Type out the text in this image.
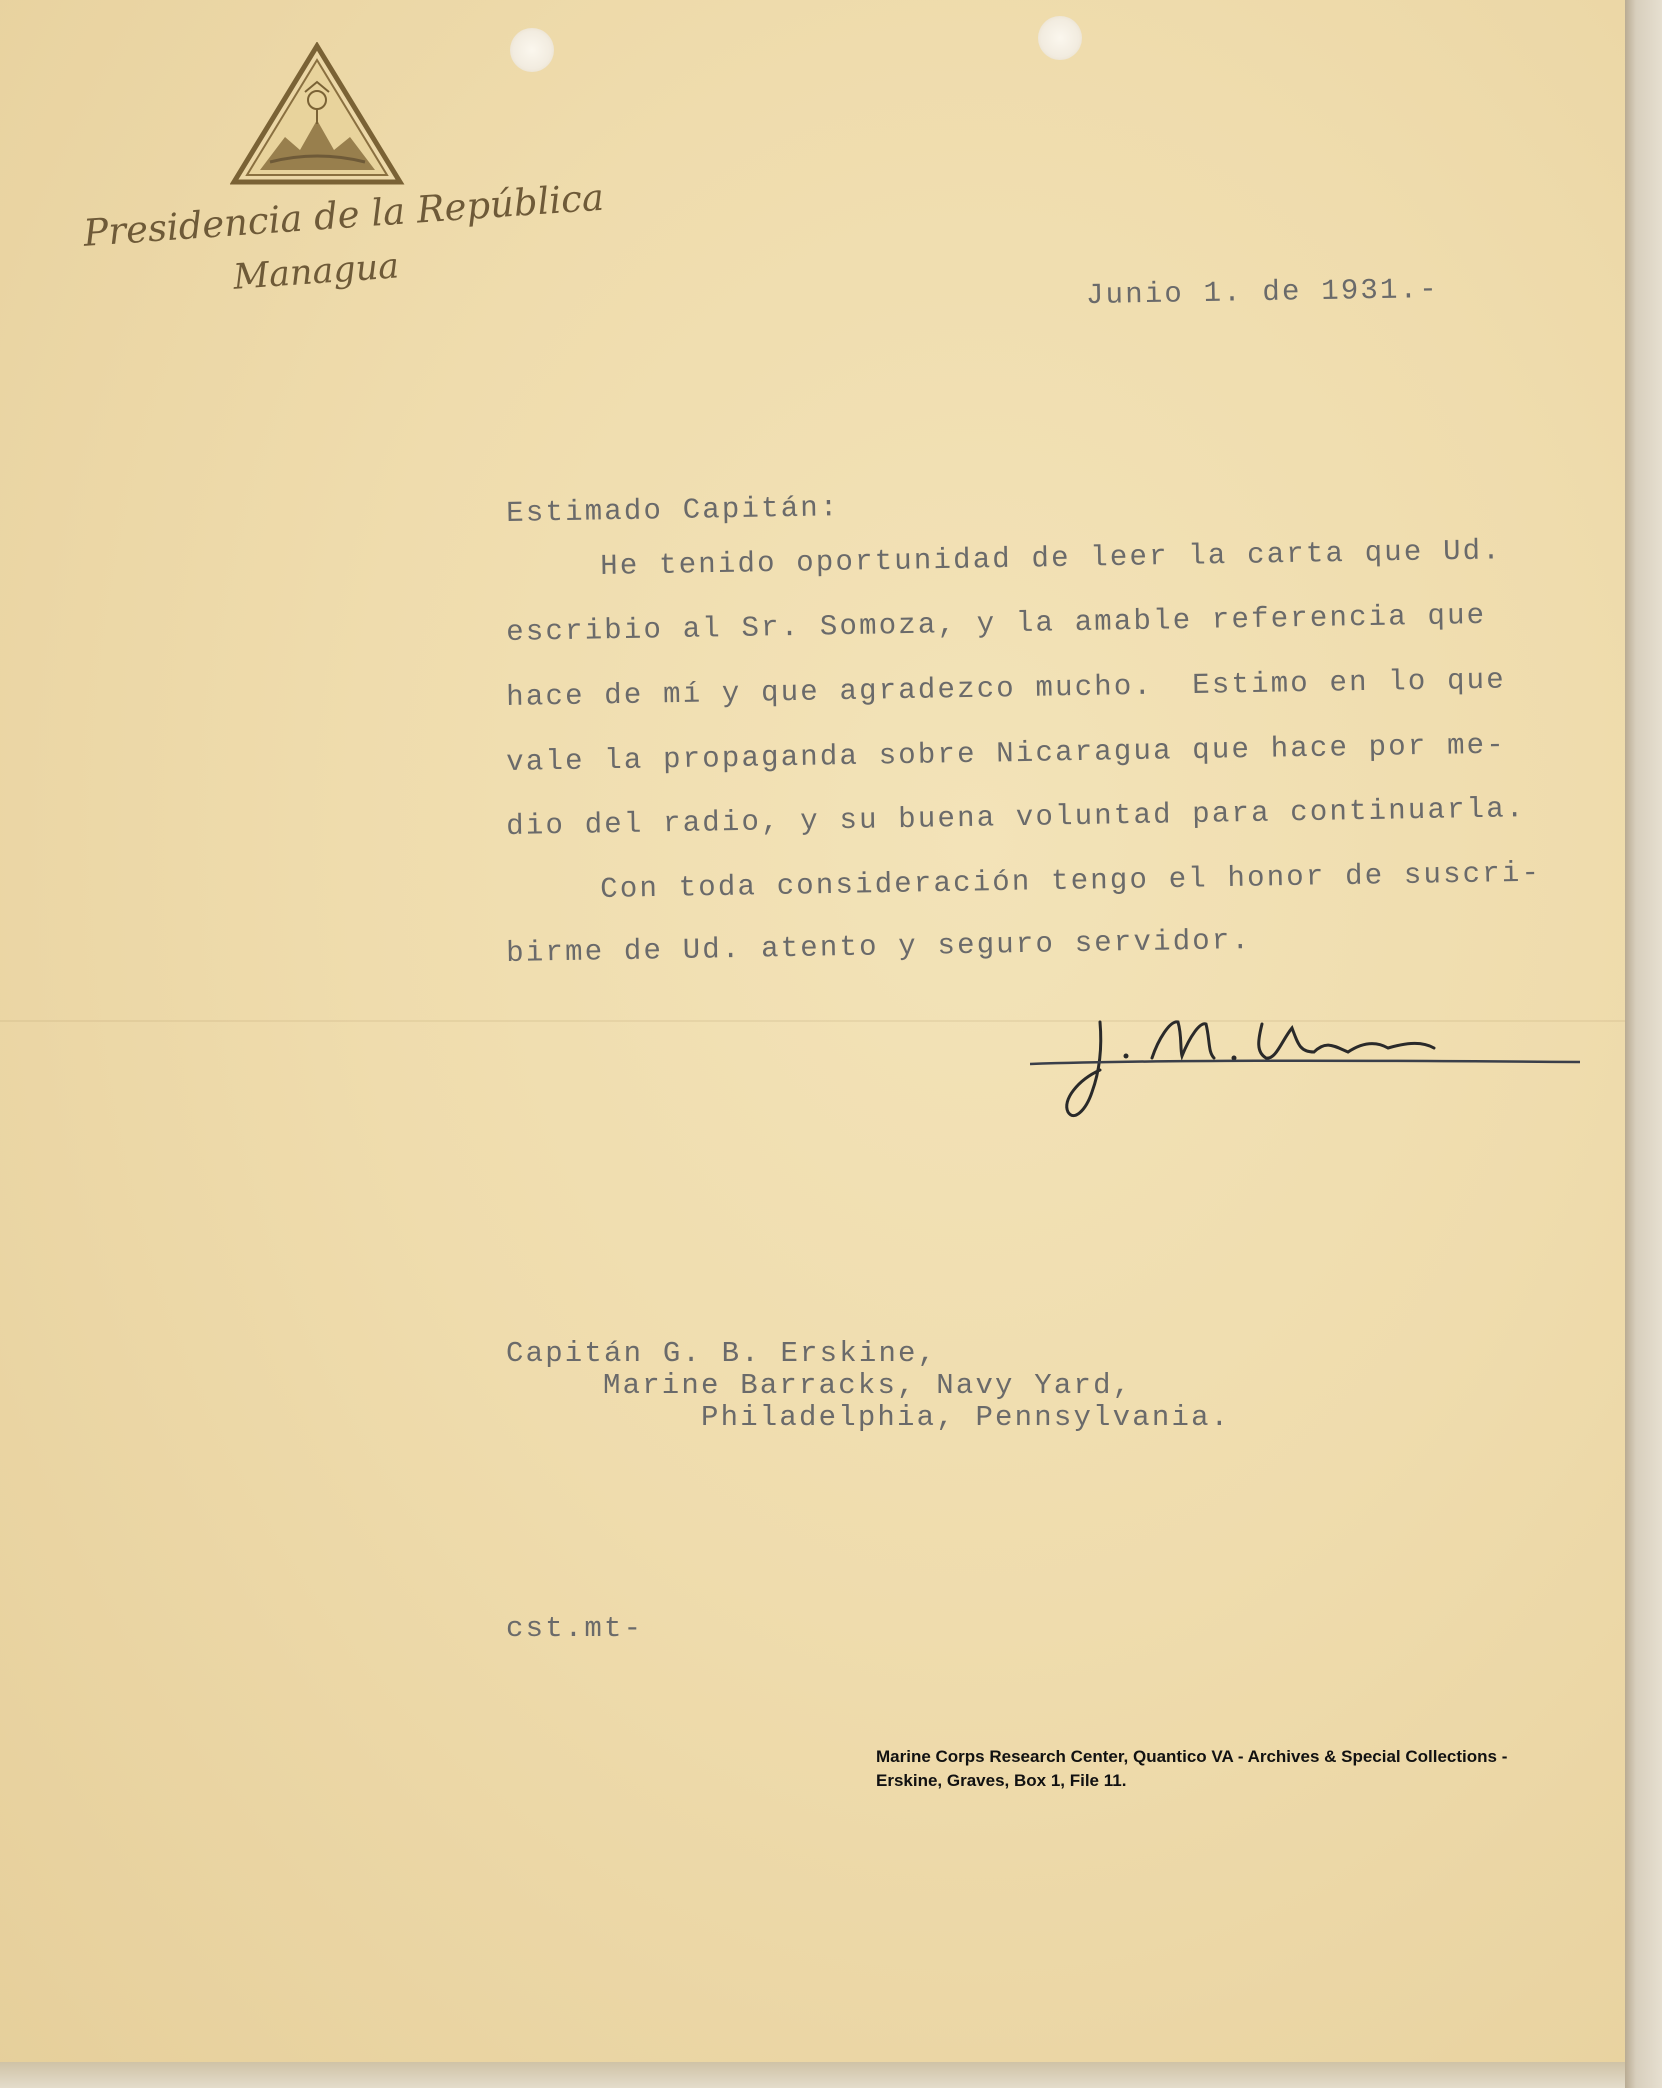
Presidencia de la República
Managua	Junio 1. de 1931.-
Estimado Capitán:
He tenido oportunidad de leer la carta que Ud.
escribio al Sr. Somoza, y la amable referencia que
hace de mí y que agradezco mucho.  Estimo en lo que
vale la propaganda sobre Nicaragua que hace por me-
dio del radio, y su buena voluntad para continuarla.
Con toda consideración tengo el honor de suscri-
birme de Ud. atento y seguro servidor.
Capitán G. B. Erskine,
Marine Barracks, Navy Yard,
Philadelphia, Pennsylvania.
cst.mt-
Marine Corps Research Center, Quantico VA - Archives & Special Collections -
Erskine, Graves, Box 1, File 11.
